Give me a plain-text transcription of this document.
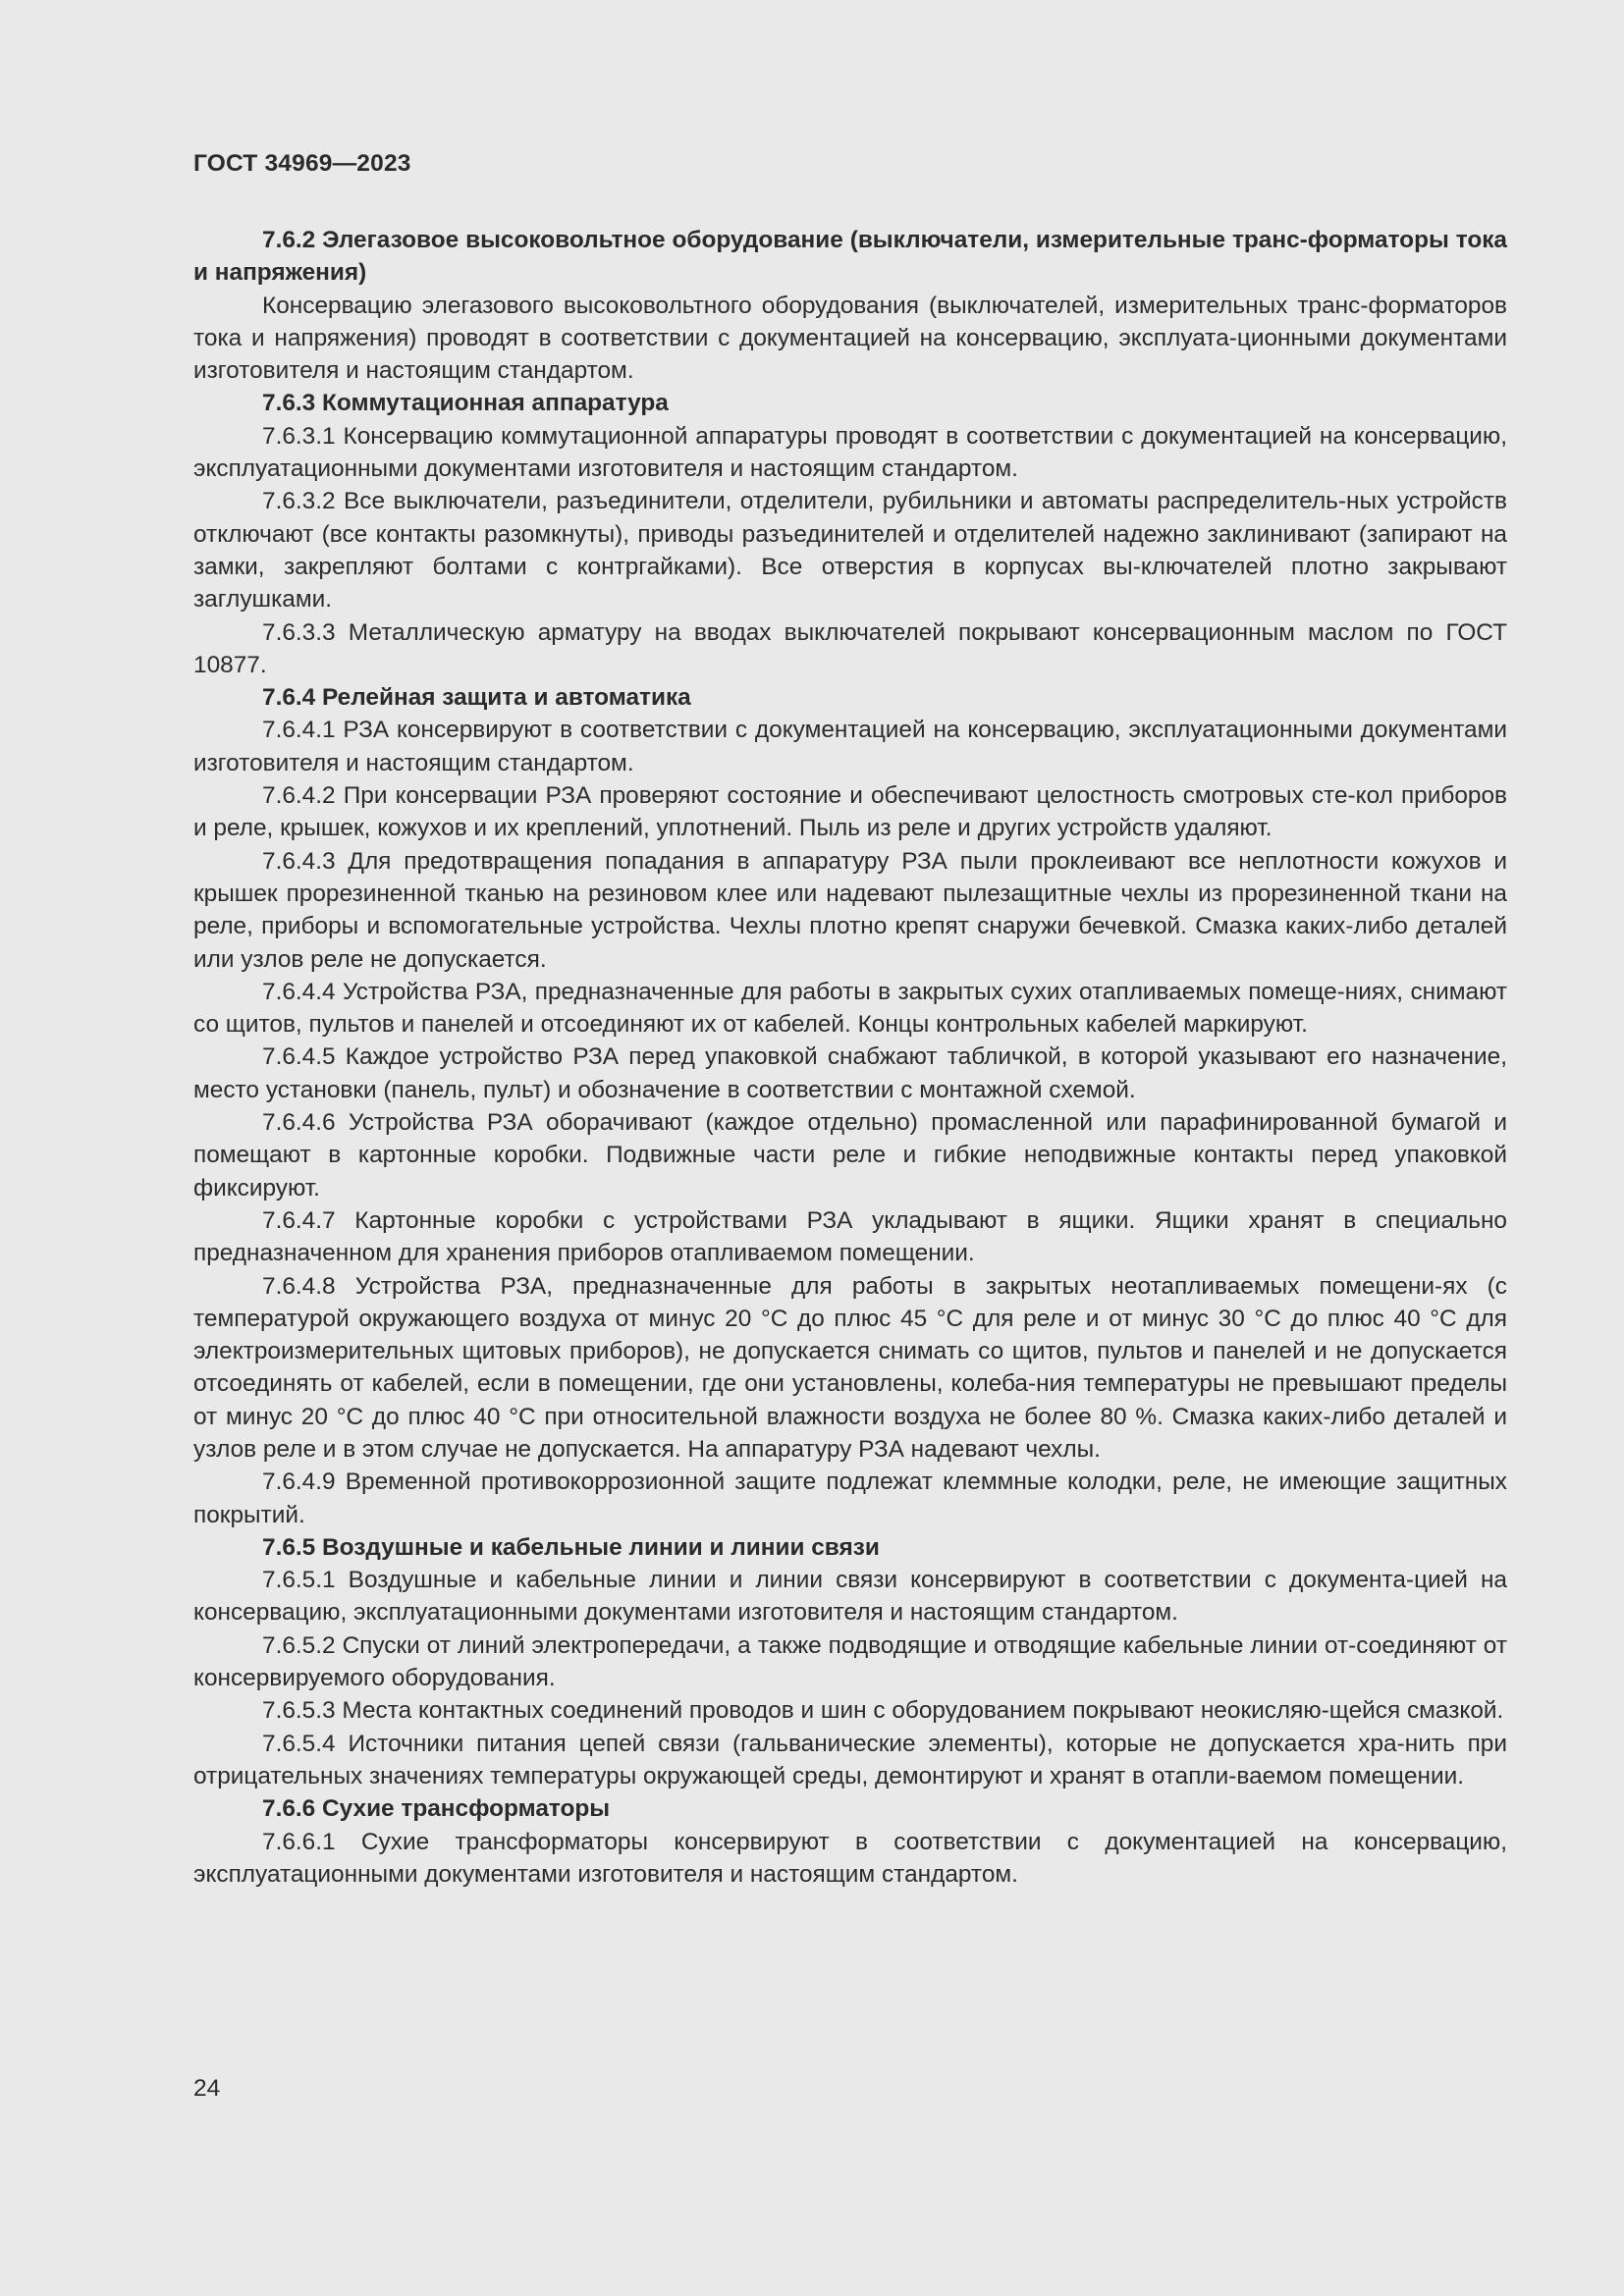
ГОСТ 34969—2023

7.6.2 Элегазовое высоковольтное оборудование (выключатели, измерительные транс-форматоры тока и напряжения)

Консервацию элегазового высоковольтного оборудования (выключателей, измерительных транс-форматоров тока и напряжения) проводят в соответствии с документацией на консервацию, эксплуата-ционными документами изготовителя и настоящим стандартом.

7.6.3 Коммутационная аппаратура

7.6.3.1 Консервацию коммутационной аппаратуры проводят в соответствии с документацией на консервацию, эксплуатационными документами изготовителя и настоящим стандартом.

7.6.3.2 Все выключатели, разъединители, отделители, рубильники и автоматы распределитель-ных устройств отключают (все контакты разомкнуты), приводы разъединителей и отделителей надежно заклинивают (запирают на замки, закрепляют болтами с контргайками). Все отверстия в корпусах вы-ключателей плотно закрывают заглушками.

7.6.3.3 Металлическую арматуру на вводах выключателей покрывают консервационным маслом по ГОСТ 10877.

7.6.4 Релейная защита и автоматика

7.6.4.1 РЗА консервируют в соответствии с документацией на консервацию, эксплуатационными документами изготовителя и настоящим стандартом.

7.6.4.2 При консервации РЗА проверяют состояние и обеспечивают целостность смотровых сте-кол приборов и реле, крышек, кожухов и их креплений, уплотнений. Пыль из реле и других устройств удаляют.

7.6.4.3 Для предотвращения попадания в аппаратуру РЗА пыли проклеивают все неплотности кожухов и крышек прорезиненной тканью на резиновом клее или надевают пылезащитные чехлы из прорезиненной ткани на реле, приборы и вспомогательные устройства. Чехлы плотно крепят снаружи бечевкой. Смазка каких-либо деталей или узлов реле не допускается.

7.6.4.4 Устройства РЗА, предназначенные для работы в закрытых сухих отапливаемых помеще-ниях, снимают со щитов, пультов и панелей и отсоединяют их от кабелей. Концы контрольных кабелей маркируют.

7.6.4.5 Каждое устройство РЗА перед упаковкой снабжают табличкой, в которой указывают его назначение, место установки (панель, пульт) и обозначение в соответствии с монтажной схемой.

7.6.4.6 Устройства РЗА оборачивают (каждое отдельно) промасленной или парафинированной бумагой и помещают в картонные коробки. Подвижные части реле и гибкие неподвижные контакты перед упаковкой фиксируют.

7.6.4.7 Картонные коробки с устройствами РЗА укладывают в ящики. Ящики хранят в специально предназначенном для хранения приборов отапливаемом помещении.

7.6.4.8 Устройства РЗА, предназначенные для работы в закрытых неотапливаемых помещени-ях (с температурой окружающего воздуха от минус 20 °С до плюс 45 °С для реле и от минус 30 °С до плюс 40 °С для электроизмерительных щитовых приборов), не допускается снимать со щитов, пультов и панелей и не допускается отсоединять от кабелей, если в помещении, где они установлены, колеба-ния температуры не превышают пределы от минус 20 °С до плюс 40 °С при относительной влажности воздуха не более 80 %. Смазка каких-либо деталей и узлов реле и в этом случае не допускается. На аппаратуру РЗА надевают чехлы.

7.6.4.9 Временной противокоррозионной защите подлежат клеммные колодки, реле, не имеющие защитных покрытий.

7.6.5 Воздушные и кабельные линии и линии связи

7.6.5.1 Воздушные и кабельные линии и линии связи консервируют в соответствии с документа-цией на консервацию, эксплуатационными документами изготовителя и настоящим стандартом.

7.6.5.2 Спуски от линий электропередачи, а также подводящие и отводящие кабельные линии от-соединяют от консервируемого оборудования.

7.6.5.3 Места контактных соединений проводов и шин с оборудованием покрывают неокисляю-щейся смазкой.

7.6.5.4 Источники питания цепей связи (гальванические элементы), которые не допускается хра-нить при отрицательных значениях температуры окружающей среды, демонтируют и хранят в отапли-ваемом помещении.

7.6.6 Сухие трансформаторы

7.6.6.1 Сухие трансформаторы консервируют в соответствии с документацией на консервацию, эксплуатационными документами изготовителя и настоящим стандартом.

24
